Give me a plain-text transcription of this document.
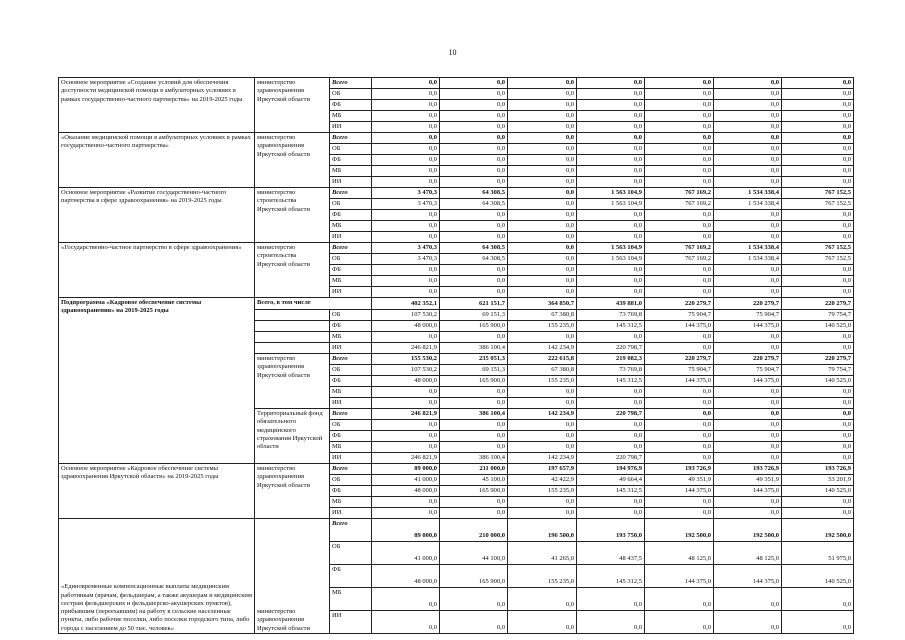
10
Основное мероприятие «Создание условий для обеспечения доступности медицинской помощи в амбулаторных условиях в рамках государственно-частного партнерства» на 2019-2025 годы	министерство здравоохранения Иркутской области	Всего	0,0	0,0	0,0	0,0	0,0	0,0	0,0
		ОБ	0,0	0,0	0,0	0,0	0,0	0,0	0,0
		ФБ	0,0	0,0	0,0	0,0	0,0	0,0	0,0
		МБ	0,0	0,0	0,0	0,0	0,0	0,0	0,0
		ИИ	0,0	0,0	0,0	0,0	0,0	0,0	0,0
«Оказание медицинской помощи в амбулаторных условиях в рамках государственно-частного партнерства»	министерство здравоохранения Иркутской области	Всего	0,0	0,0	0,0	0,0	0,0	0,0	0,0
		ОБ	0,0	0,0	0,0	0,0	0,0	0,0	0,0
		ФБ	0,0	0,0	0,0	0,0	0,0	0,0	0,0
		МБ	0,0	0,0	0,0	0,0	0,0	0,0	0,0
		ИИ	0,0	0,0	0,0	0,0	0,0	0,0	0,0
Основное мероприятие «Развитие государственно-частного партнерства в сфере здравоохранения» на 2019-2025 годы	министерство строительства Иркутской области	Всего	3 470,3	64 308,5	0,0	1 563 104,9	767 169,2	1 534 338,4	767 152,5
		ОБ	3 470,3	64 308,5	0,0	1 563 104,9	767 169,2	1 534 338,4	767 152,5
		ФБ	0,0	0,0	0,0	0,0	0,0	0,0	0,0
		МБ	0,0	0,0	0,0	0,0	0,0	0,0	0,0
		ИИ	0,0	0,0	0,0	0,0	0,0	0,0	0,0
«Государственно-частное партнерство в сфере здравоохранения»	министерство строительства Иркутской области	Всего	3 470,3	64 308,5	0,0	1 563 104,9	767 169,2	1 534 338,4	767 152,5
		ОБ	3 470,3	64 308,5	0,0	1 563 104,9	767 169,2	1 534 338,4	767 152,5
		ФБ	0,0	0,0	0,0	0,0	0,0	0,0	0,0
		МБ	0,0	0,0	0,0	0,0	0,0	0,0	0,0
		ИИ	0,0	0,0	0,0	0,0	0,0	0,0	0,0
Подпрограмма «Кадровое обеспечение системы здравоохранения» на 2019-2025 годы	Всего, в том числе		402 352,1	621 151,7	364 850,7	439 881,0	220 279,7	220 279,7	220 279,7
		ОБ	107 530,2	69 151,3	67 380,8	73 769,8	75 904,7	75 904,7	79 754,7
		ФБ	48 000,0	165 900,0	155 235,0	145 312,5	144 375,0	144 375,0	140 525,0
		МБ	0,0	0,0	0,0	0,0	0,0	0,0	0,0
		ИИ	246 821,9	386 100,4	142 234,9	220 798,7	0,0	0,0	0,0
	министерство здравоохранения Иркутской области	Всего	155 530,2	235 051,3	222 615,8	219 082,3	220 279,7	220 279,7	220 279,7
		ОБ	107 530,2	69 151,3	67 380,8	73 769,8	75 904,7	75 904,7	79 754,7
		ФБ	48 000,0	165 900,0	155 235,0	145 312,5	144 375,0	144 375,0	140 525,0
		МБ	0,0	0,0	0,0	0,0	0,0	0,0	0,0
		ИИ	0,0	0,0	0,0	0,0	0,0	0,0	0,0
	Территориальный фонд обязательного медицинского страхования Иркутской области	Всего	246 821,9	386 100,4	142 234,9	220 798,7	0,0	0,0	0,0
		ОБ	0,0	0,0	0,0	0,0	0,0	0,0	0,0
		ФБ	0,0	0,0	0,0	0,0	0,0	0,0	0,0
		МБ	0,0	0,0	0,0	0,0	0,0	0,0	0,0
		ИИ	246 821,9	386 100,4	142 234,9	220 798,7	0,0	0,0	0,0
Основное мероприятие «Кадровое обеспечение системы здравоохранения Иркутской области» на 2019-2025 годы	министерство здравоохранения Иркутской области	Всего	89 000,0	211 000,0	197 657,9	194 976,9	193 726,9	193 726,9	193 726,9
		ОБ	41 000,0	45 100,0	42 422,9	49 664,4	49 351,9	49 351,9	53 201,9
		ФБ	48 000,0	165 900,0	155 235,0	145 312,5	144 375,0	144 375,0	140 525,0
		МБ	0,0	0,0	0,0	0,0	0,0	0,0	0,0
		ИИ	0,0	0,0	0,0	0,0	0,0	0,0	0,0
«Единовременные компенсационные выплаты медицинским работникам (врачам, фельдшерам, а также акушерам и медицинским сестрам фельдшерских и фельдшерско-акушерских пунктов), прибывшим (переехавшим) на работу в сельские населенные пункты, либо рабочие поселки, либо поселки городского типа, либо города с населением до 50 тыс. человек»	министерство здравоохранения Иркутской области	Всего	89 000,0	210 000,0	196 500,0	193 750,0	192 500,0	192 500,0	192 500,0
		ОБ	41 000,0	44 100,0	41 265,0	48 437,5	48 125,0	48 125,0	51 975,0
		ФБ	48 000,0	165 900,0	155 235,0	145 312,5	144 375,0	144 375,0	140 525,0
		МБ	0,0	0,0	0,0	0,0	0,0	0,0	0,0
		ИИ	0,0	0,0	0,0	0,0	0,0	0,0	0,0
